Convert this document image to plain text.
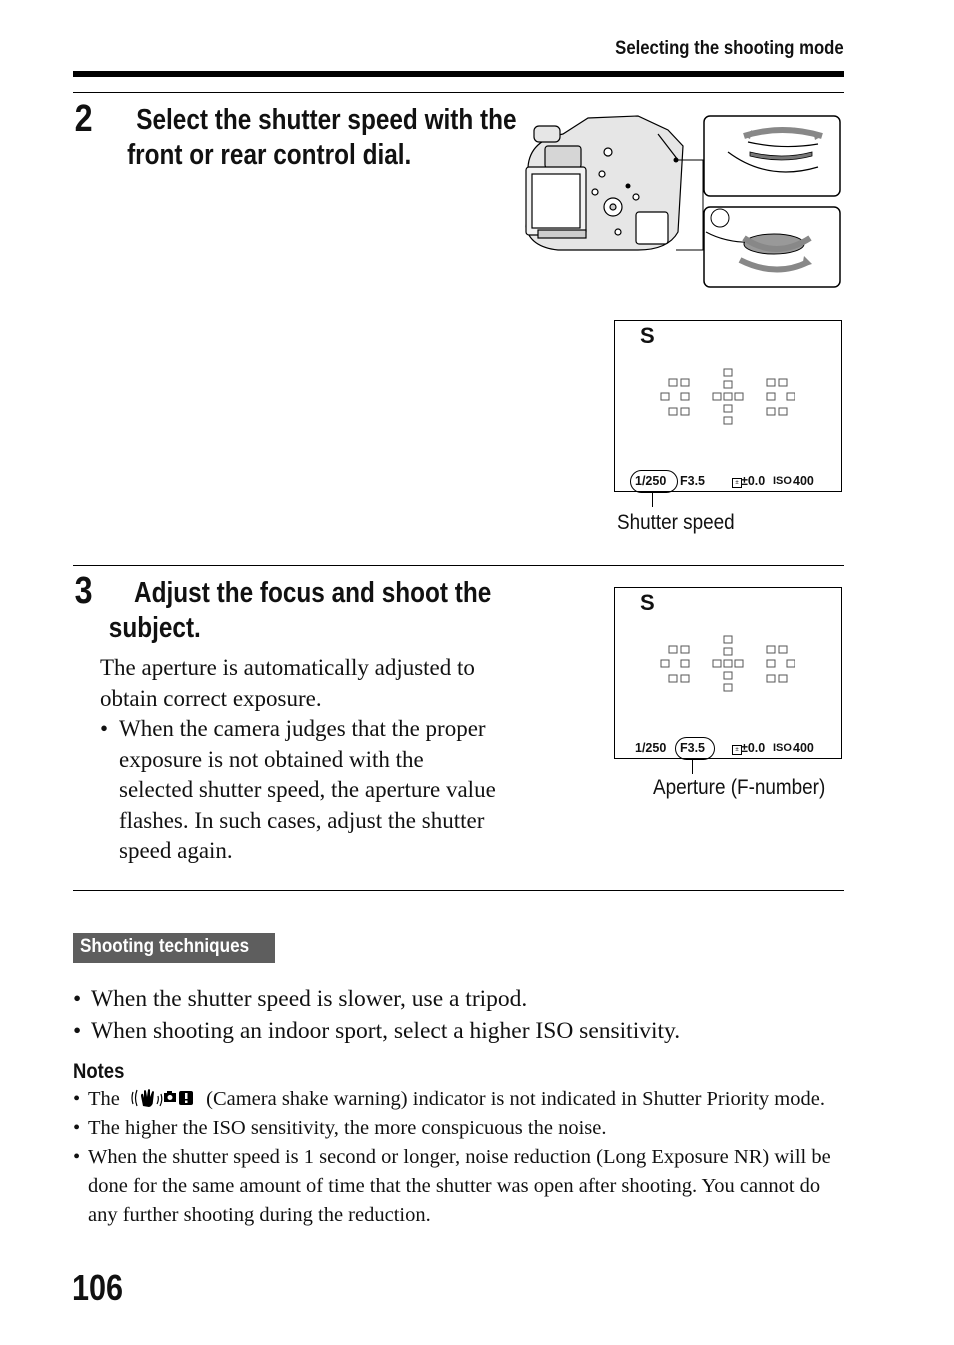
Selecting the shooting mode
2 Select the shutter speed with the
front or rear control dial.
S
1/250 F3.5	± ±0.0 ISO 400
Shutter speed
3 Adjust the focus and shoot the
subject.
The aperture is automatically adjusted to obtain correct exposure.
• When the camera judges that the proper exposure is not obtained with the selected shutter speed, the aperture value flashes. In such cases, adjust the shutter speed again.
S
1/250 F3.5	± ±0.0 ISO 400
Aperture (F-number)
Shooting techniques
• When the shutter speed is slower, use a tripod.
• When shooting an indoor sport, select a higher ISO sensitivity.
Notes
• The	(Camera shake warning) indicator is not indicated in Shutter Priority mode.
• The higher the ISO sensitivity, the more conspicuous the noise.
• When the shutter speed is 1 second or longer, noise reduction (Long Exposure NR) will be done for the same amount of time that the shutter was open after shooting. You cannot do any further shooting during the reduction.
106
